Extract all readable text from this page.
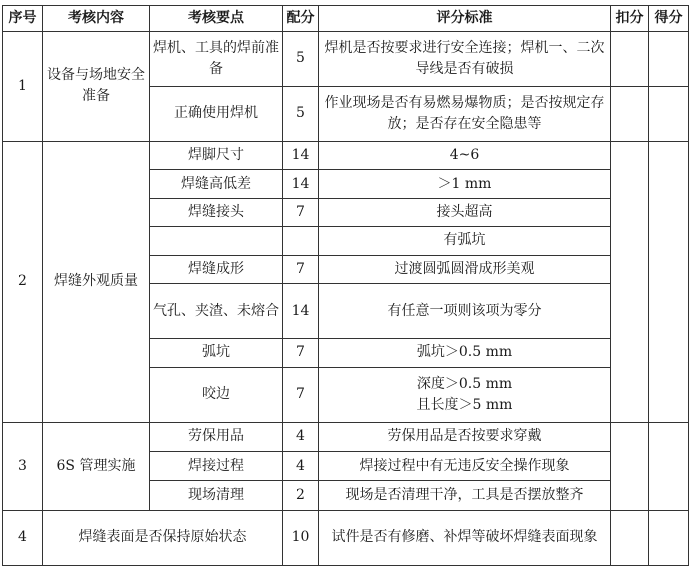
序号	考核内容	考核要点	配分	评分标准	扣分	得分
1	设备与场地安全准备	焊机、工具的焊前准备	5	焊机是否按要求进行安全连接；焊机一、二次导线是否有破损		
		正确使用焊机	5	作业现场是否有易燃易爆物质；是否按规定存放；是否存在安全隐患等		
2	焊缝外观质量	焊脚尺寸	14	4~6		
		焊缝高低差	14	＞1 mm		
		焊缝接头	7	接头超高		
				有弧坑		
		焊缝成形	7	过渡圆弧圆滑成形美观		
		气孔、夹渣、未熔合	14	有任意一项则该项为零分		
		弧坑	7	弧坑＞0.5 mm		
		咬边	7	深度＞0.5 mm
且长度＞5 mm		

3	6S 管理实施	劳保用品	4	劳保用品是否按要求穿戴		
		焊接过程	4	焊接过程中有无违反安全操作现象		
		现场清理	2	现场是否清理干净，工具是否摆放整齐		
4	焊缝表面是否保持原始状态		10	试件是否有修磨、补焊等破坏焊缝表面现象		
